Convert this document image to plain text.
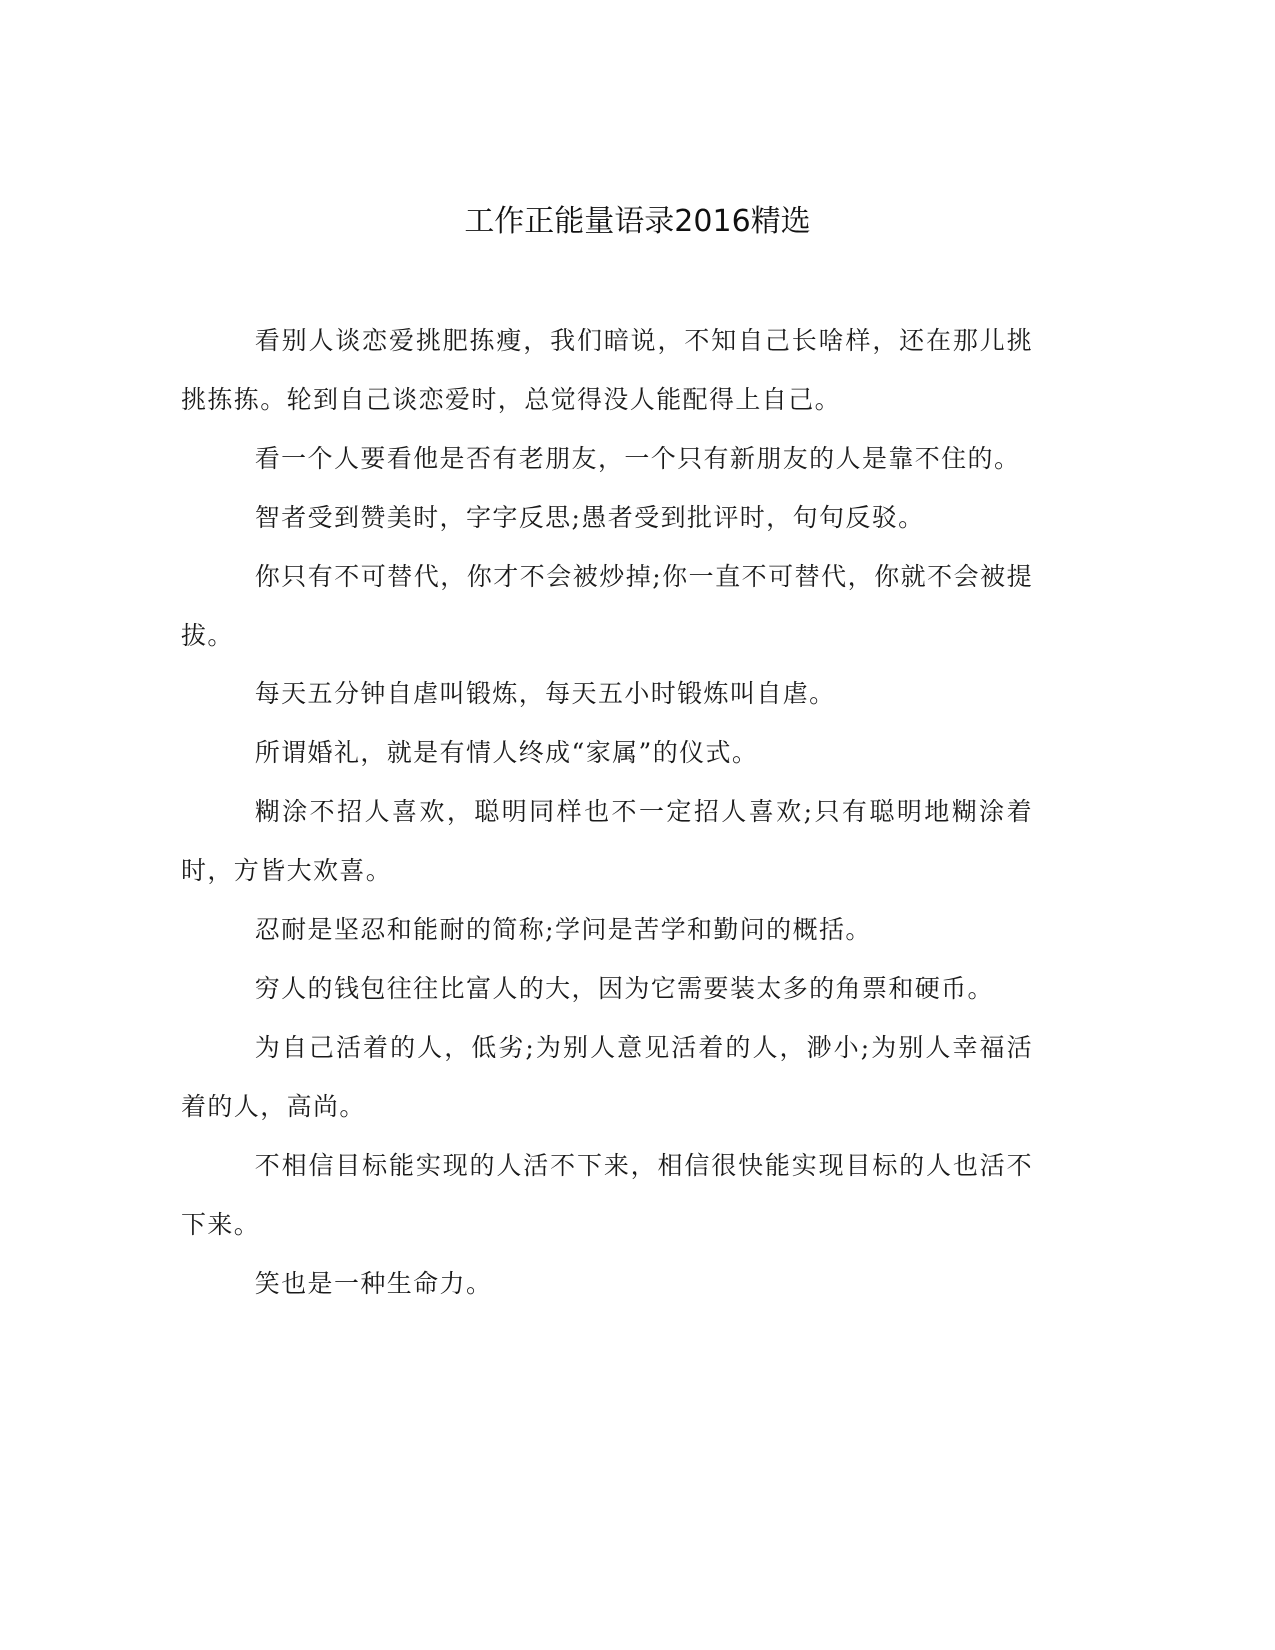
工作正能量语录2016精选

看别人谈恋爱挑肥拣瘦，我们暗说，不知自己长啥样，还在那儿挑挑拣拣。轮到自己谈恋爱时，总觉得没人能配得上自己。

看一个人要看他是否有老朋友，一个只有新朋友的人是靠不住的。

智者受到赞美时，字字反思;愚者受到批评时，句句反驳。

你只有不可替代，你才不会被炒掉;你一直不可替代，你就不会被提拔。

每天五分钟自虐叫锻炼，每天五小时锻炼叫自虐。

所谓婚礼，就是有情人终成“家属”的仪式。

糊涂不招人喜欢，聪明同样也不一定招人喜欢;只有聪明地糊涂着时，方皆大欢喜。

忍耐是坚忍和能耐的简称;学问是苦学和勤问的概括。

穷人的钱包往往比富人的大，因为它需要装太多的角票和硬币。

为自己活着的人，低劣;为别人意见活着的人，渺小;为别人幸福活着的人，高尚。

不相信目标能实现的人活不下来，相信很快能实现目标的人也活不下来。

笑也是一种生命力。
